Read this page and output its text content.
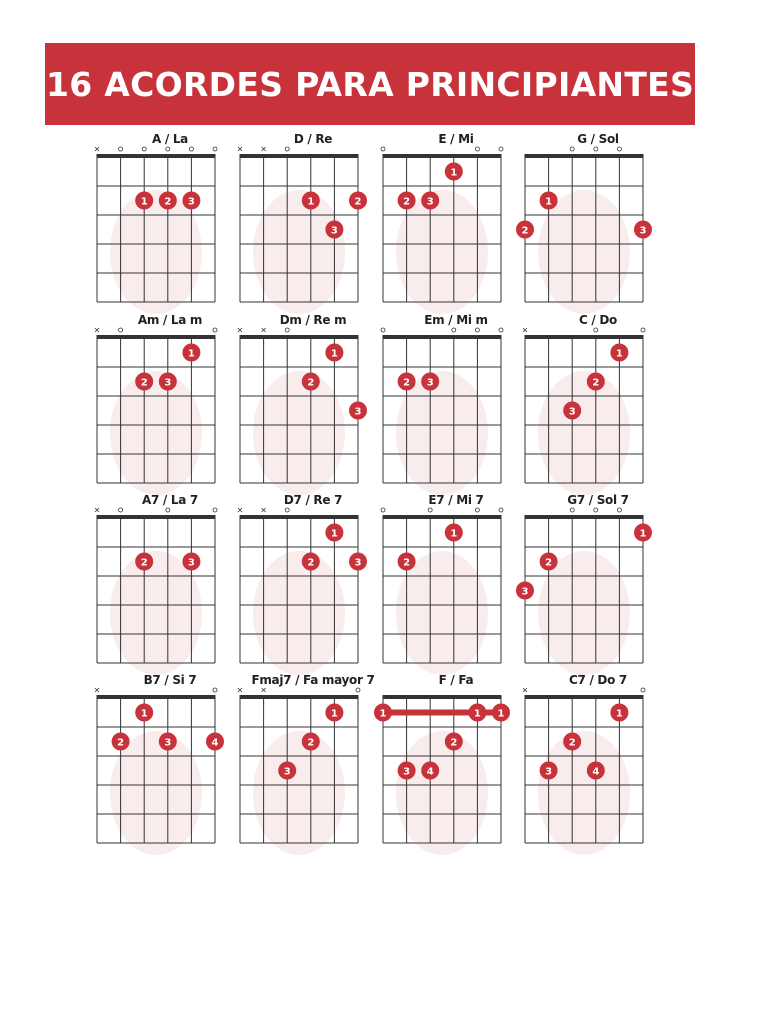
16 ACORDES PARA PRINCIPIANTES
A / La
1 2 3
D / Re
1	2
3
E / Mi
1
2 3
G / Sol
1
2	3
Am / La m
1
2 3
Dm / Re m
1
2
3
Em / Mi m
2 3
C / Do
1
2
3
A7 / La 7
2	3
D7 / Re 7
1
2	3
E7 / Mi 7
1
2
G7 / Sol 7
1
2
3
B7 / Si 7
1
2	3	4
Fmaj7 / Fa mayor 7
1
2
3
F / Fa
1	1 1
2
3 4
C7 / Do 7
1
2
3	4
